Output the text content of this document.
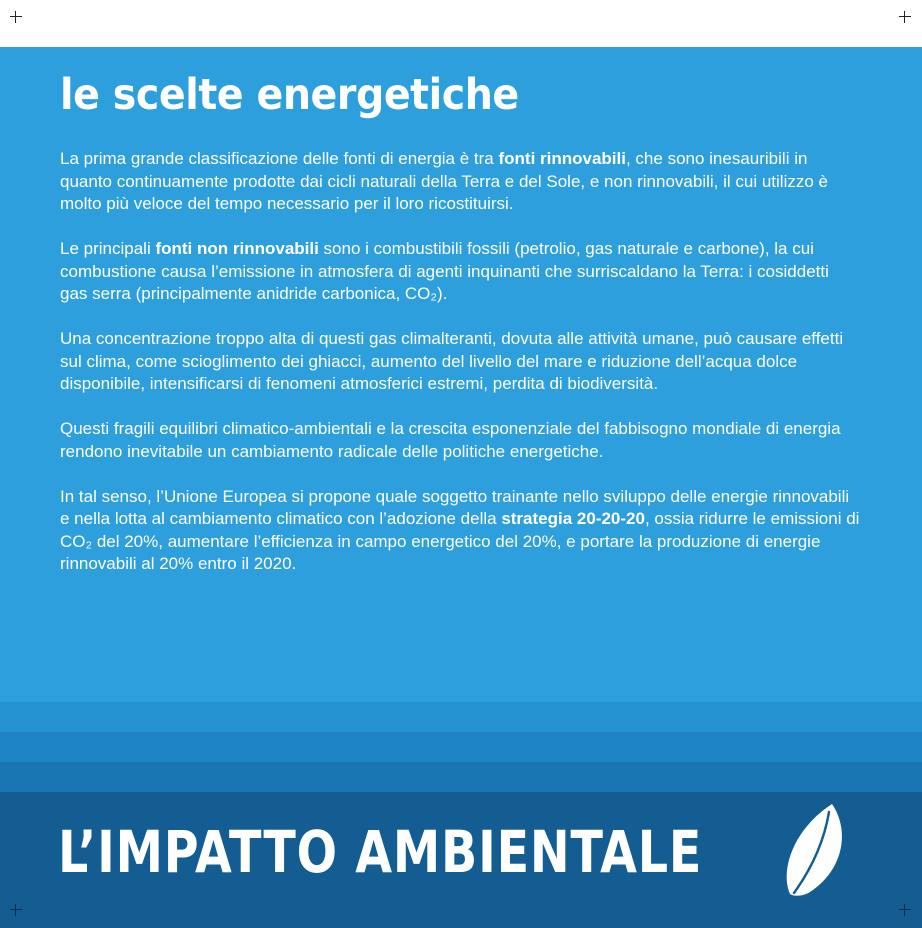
le scelte energetiche

La prima grande classificazione delle fonti di energia è tra fonti rinnovabili, che sono inesauribili in quanto continuamente prodotte dai cicli naturali della Terra e del Sole, e non rinnovabili, il cui utilizzo è molto più veloce del tempo necessario per il loro ricostituirsi.

Le principali fonti non rinnovabili sono i combustibili fossili (petrolio, gas naturale e carbone), la cui combustione causa l’emissione in atmosfera di agenti inquinanti che surriscaldano la Terra: i cosiddetti gas serra (principalmente anidride carbonica, CO₂).

Una concentrazione troppo alta di questi gas climalteranti, dovuta alle attività umane, può causare effetti sul clima, come scioglimento dei ghiacci, aumento del livello del mare e riduzione dell’acqua dolce disponibile, intensificarsi di fenomeni atmosferici estremi, perdita di biodiversità.

Questi fragili equilibri climatico-ambientali e la crescita esponenziale del fabbisogno mondiale di energia rendono inevitabile un cambiamento radicale delle politiche energetiche.

In tal senso, l’Unione Europea si propone quale soggetto trainante nello sviluppo delle energie rinnovabili e nella lotta al cambiamento climatico con l’adozione della strategia 20-20-20, ossia ridurre le emissioni di CO₂ del 20%, aumentare l’efficienza in campo energetico del 20%, e portare la produzione di energie rinnovabili al 20% entro il 2020.

L’IMPATTO AMBIENTALE
